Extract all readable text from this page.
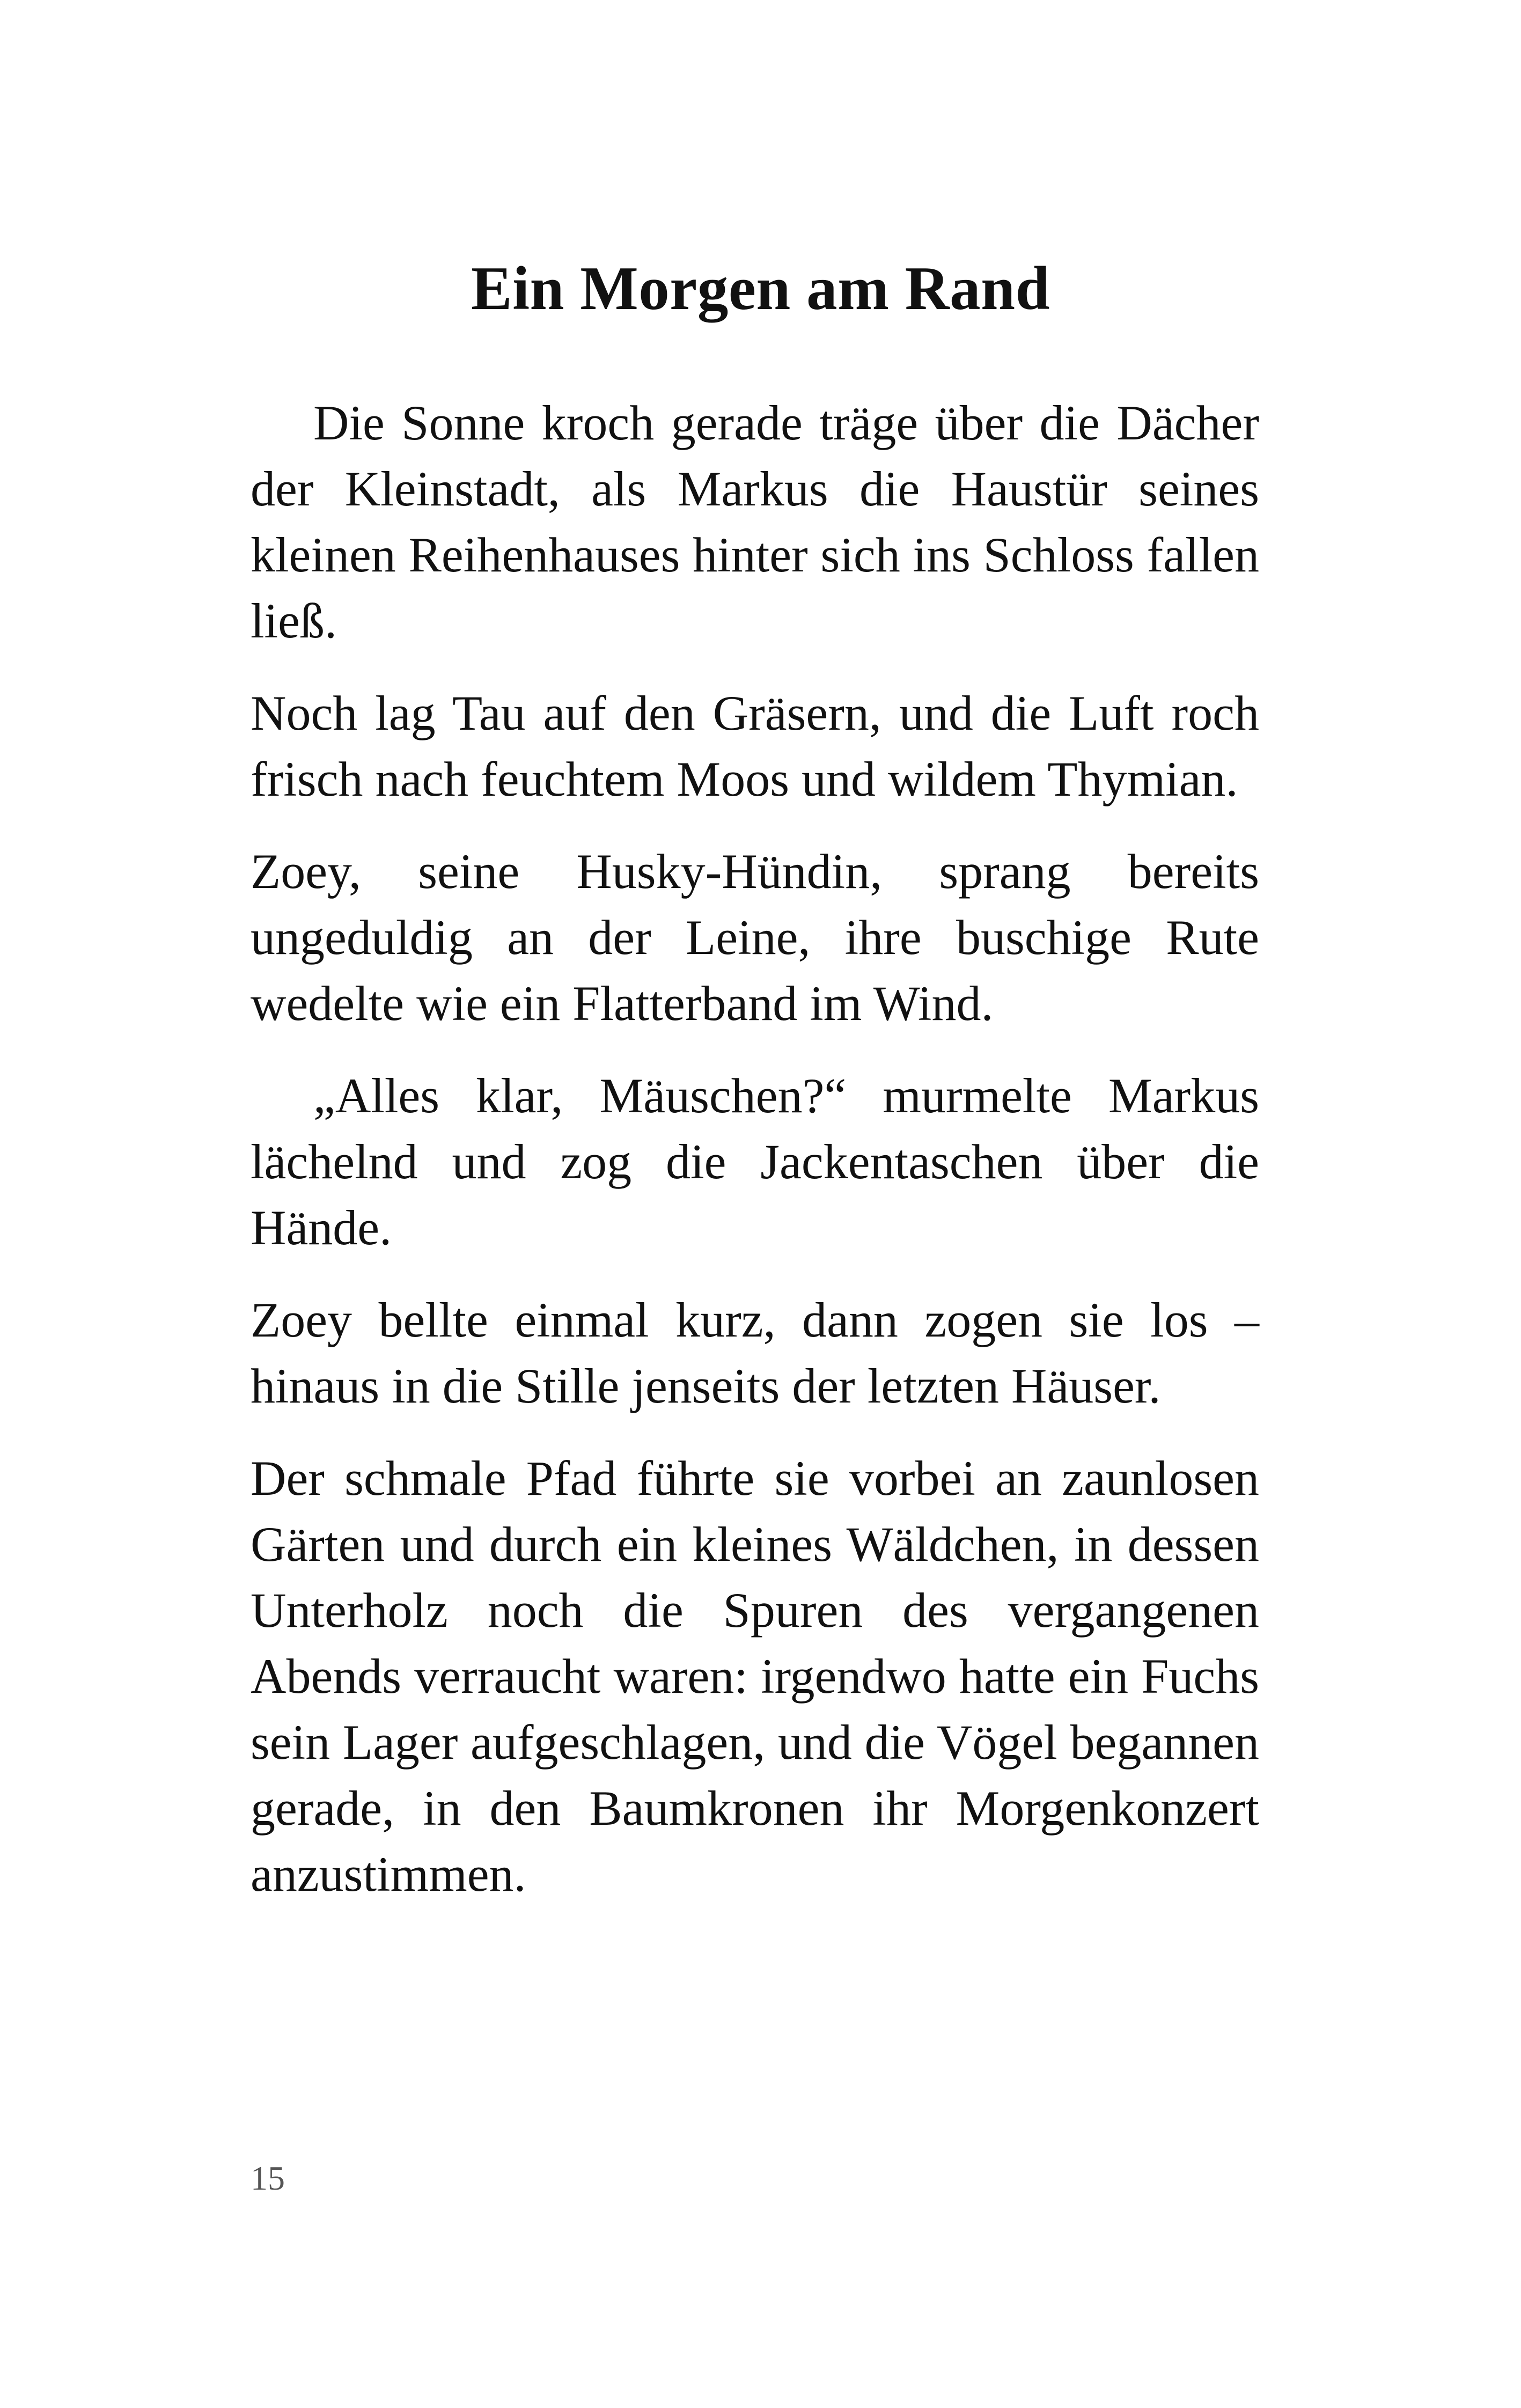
Ein Morgen am Rand

Die Sonne kroch gerade träge über die Dächer der Kleinstadt, als Markus die Haustür seines kleinen Reihenhauses hinter sich ins Schloss fallen ließ.

Noch lag Tau auf den Gräsern, und die Luft roch frisch nach feuchtem Moos und wildem Thymian.

Zoey, seine Husky-Hündin, sprang bereits ungeduldig an der Leine, ihre buschige Rute wedelte wie ein Flatterband im Wind.

„Alles klar, Mäuschen?“ murmelte Markus lächelnd und zog die Jackentaschen über die Hände.

Zoey bellte einmal kurz, dann zogen sie los – hinaus in die Stille jenseits der letzten Häuser.

Der schmale Pfad führte sie vorbei an zaunlosen Gärten und durch ein kleines Wäldchen, in dessen Unterholz noch die Spuren des vergangenen Abends verraucht waren: irgendwo hatte ein Fuchs sein Lager aufgeschlagen, und die Vögel begannen gerade, in den Baumkronen ihr Morgenkonzert anzustimmen.

15
